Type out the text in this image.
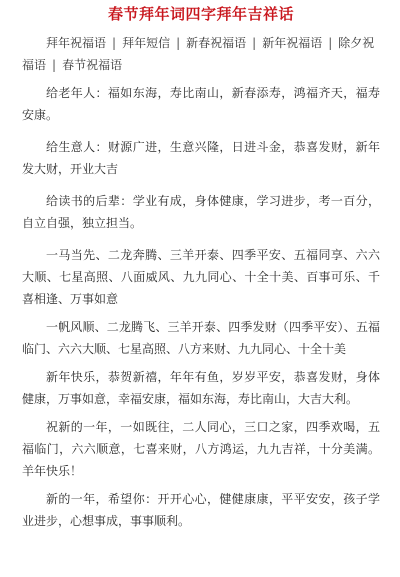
春节拜年词四字拜年吉祥话
拜年祝福语 | 拜年短信 | 新春祝福语 | 新年祝福语 | 除夕祝福语 | 春节祝福语

给老年人：福如东海，寿比南山，新春添寿，鸿福齐天，福寿安康。

给生意人：财源广进，生意兴隆，日进斗金，恭喜发财，新年发大财，开业大吉

给读书的后辈：学业有成，身体健康，学习进步，考一百分，自立自强，独立担当。

一马当先、二龙奔腾、三羊开泰、四季平安、五福同享、六六大顺、七星高照、八面威风、九九同心、十全十美、百事可乐、千喜相逢、万事如意

一帆风顺、二龙腾飞、三羊开泰、四季发财（四季平安）、五福临门、六六大顺、七星高照、八方来财、九九同心、十全十美

新年快乐，恭贺新禧，年年有鱼，岁岁平安，恭喜发财，身体健康，万事如意，幸福安康，福如东海，寿比南山，大吉大利。

祝新的一年，一如既往，二人同心，三口之家，四季欢喝，五福临门，六六顺意，七喜来财，八方鸿运，九九吉祥，十分美满。羊年快乐！

新的一年，希望你：开开心心，健健康康，平平安安，孩子学业进步，心想事成，事事顺利。
